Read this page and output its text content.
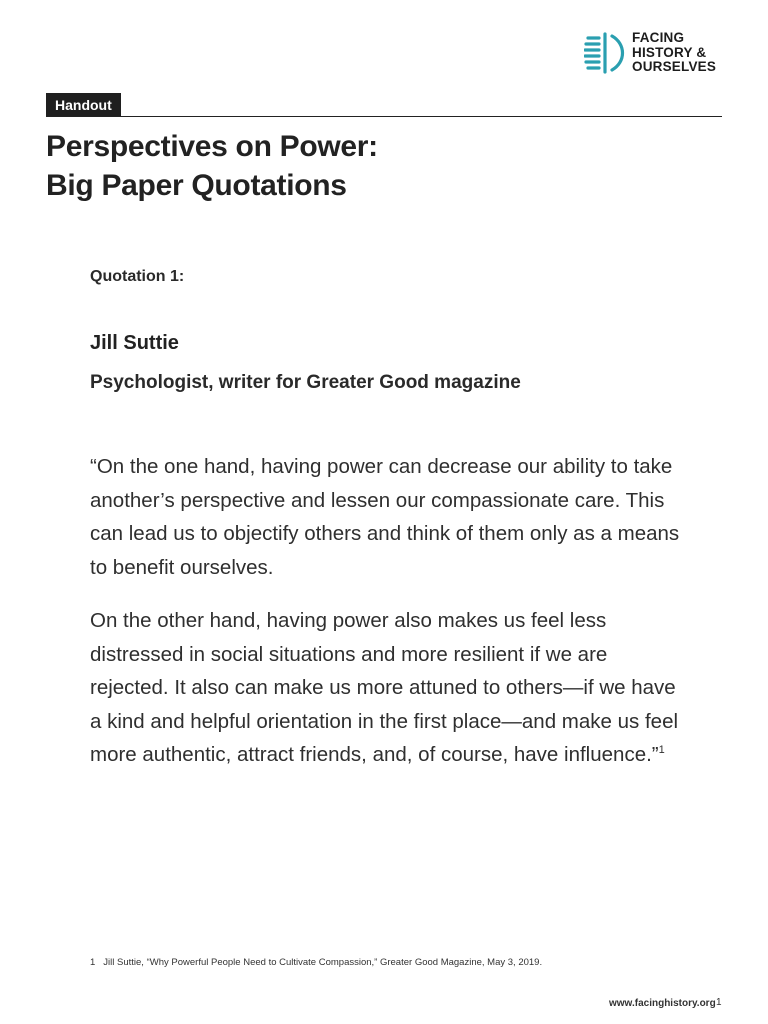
FACING
HISTORY &
OURSELVES
Handout
Perspectives on Power:
Big Paper Quotations
Quotation 1:
Jill Suttie
Psychologist, writer for Greater Good magazine

“On the one hand, having power can decrease our ability to take another’s perspective and lessen our compassionate care. This can lead us to objectify others and think of them only as a means to benefit ourselves.

On the other hand, having power also makes us feel less distressed in social situations and more resilient if we are rejected. It also can make us more attuned to others—if we have a kind and helpful orientation in the first place—and make us feel more authentic, attract friends, and, of course, have influence.”$^1$

1 Jill Suttie, “Why Powerful People Need to Cultivate Compassion,” Greater Good Magazine, May 3, 2019.
www.facinghistory.org 1
